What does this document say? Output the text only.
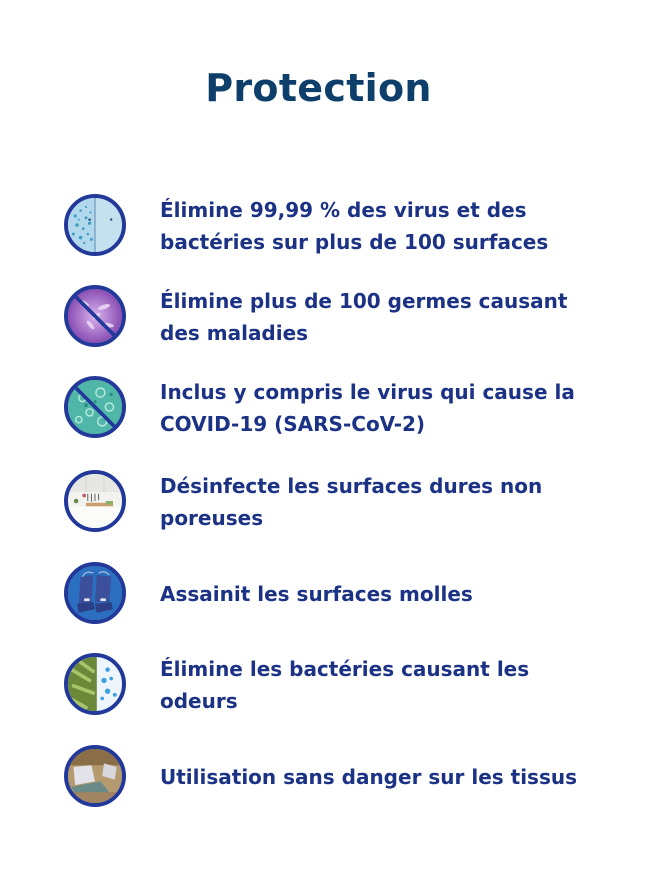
Protection
Élimine 99,99 % des virus et des
bactéries sur plus de 100 surfaces
Élimine plus de 100 germes causant
des maladies
Inclus y compris le virus qui cause la
COVID-19 (SARS-CoV-2)
Désinfecte les surfaces dures non
poreuses
Assainit les surfaces molles
Élimine les bactéries causant les
odeurs
Utilisation sans danger sur les tissus
